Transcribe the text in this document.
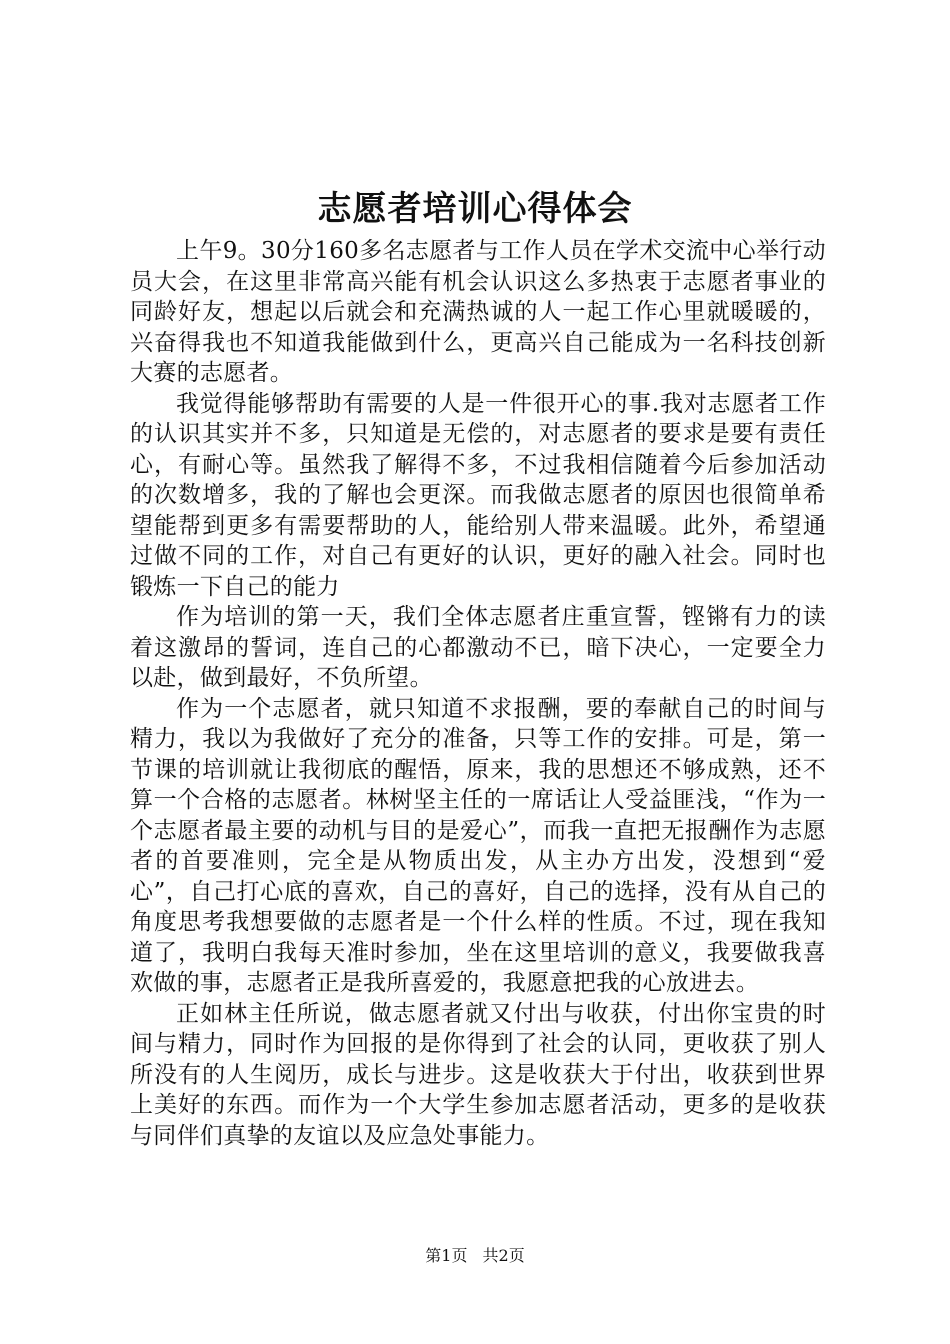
志愿者培训心得体会

上午9。30分160多名志愿者与工作人员在学术交流中心举行动员大会，在这里非常高兴能有机会认识这么多热衷于志愿者事业的同龄好友，想起以后就会和充满热诚的人一起工作心里就暖暖的，兴奋得我也不知道我能做到什么，更高兴自己能成为一名科技创新大赛的志愿者。

我觉得能够帮助有需要的人是一件很开心的事.我对志愿者工作的认识其实并不多，只知道是无偿的，对志愿者的要求是要有责任心，有耐心等。虽然我了解得不多，不过我相信随着今后参加活动的次数增多，我的了解也会更深。而我做志愿者的原因也很简单希望能帮到更多有需要帮助的人，能给别人带来温暖。此外，希望通过做不同的工作，对自己有更好的认识，更好的融入社会。同时也锻炼一下自己的能力

作为培训的第一天，我们全体志愿者庄重宣誓，铿锵有力的读着这激昂的誓词，连自己的心都激动不已，暗下决心，一定要全力以赴，做到最好，不负所望。

作为一个志愿者，就只知道不求报酬，要的奉献自己的时间与精力，我以为我做好了充分的准备，只等工作的安排。可是，第一节课的培训就让我彻底的醒悟，原来，我的思想还不够成熟，还不算一个合格的志愿者。林树坚主任的一席话让人受益匪浅，“作为一个志愿者最主要的动机与目的是爱心”，而我一直把无报酬作为志愿者的首要准则，完全是从物质出发，从主办方出发，没想到“爱心”，自己打心底的喜欢，自己的喜好，自己的选择，没有从自己的角度思考我想要做的志愿者是一个什么样的性质。不过，现在我知道了，我明白我每天准时参加，坐在这里培训的意义，我要做我喜欢做的事，志愿者正是我所喜爱的，我愿意把我的心放进去。

正如林主任所说，做志愿者就又付出与收获，付出你宝贵的时间与精力，同时作为回报的是你得到了社会的认同，更收获了别人所没有的人生阅历，成长与进步。这是收获大于付出，收获到世界上美好的东西。而作为一个大学生参加志愿者活动，更多的是收获与同伴们真挚的友谊以及应急处事能力。

第1页 共2页
